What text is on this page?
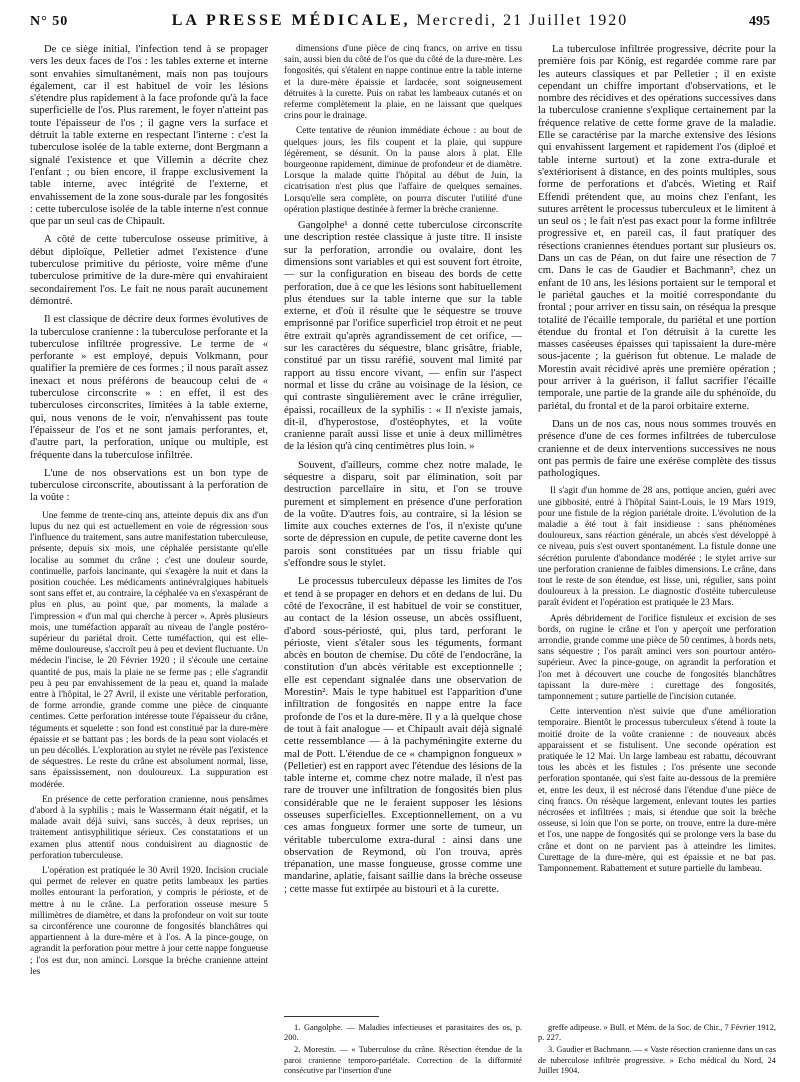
N° 50	LA PRESSE MÉDICALE, Mercredi, 21 Juillet 1920	495

De ce siège initial, l'infection tend à se propager vers les deux faces de l'os : les tables externe et interne sont envahies simultanément, mais non pas toujours également, car il est habituel de voir les lésions s'étendre plus rapidement à la face profonde qu'à la face superficielle de l'os. Plus rarement, le foyer n'atteint pas toute l'épaisseur de l'os ; il gagne vers la surface et détruit la table externe en respectant l'interne : c'est la tuberculose isolée de la table externe, dont Bergmann a signalé l'existence et que Villemin a décrite chez l'enfant ; ou bien encore, il frappe exclusivement la table interne, avec intégrité de l'externe, et envahissement de la zone sous-durale par les fongosités : cette tuberculose isolée de la table interne n'est connue que par un seul cas de Chipault.

A côté de cette tuberculose osseuse primitive, à début diploïque, Pelletier admet l'existence d'une tuberculose primitive du périoste, voire même d'une tuberculose primitive de la dure-mère qui envahiraient secondairement l'os. Le fait ne nous paraît aucunement démontré.

Il est classique de décrire deux formes évolutives de la tuberculose cranienne : la tuberculose perforante et la tuberculose infiltrée progressive. Le terme de « perforante » est employé, depuis Volkmann, pour qualifier la première de ces formes ; il nous paraît assez inexact et nous préférons de beaucoup celui de « tuberculose circonscrite » : en effet, il est des tuberculoses circonscrites, limitées à la table externe, qui, nous venons de le voir, n'envahissent pas toute l'épaisseur de l'os et ne sont jamais perforantes, et, d'autre part, la perforation, unique ou multiple, est fréquente dans la tuberculose infiltrée.

L'une de nos observations est un bon type de tuberculose circonscrite, aboutissant à la perforation de la voûte :

Une femme de trente-cinq ans, atteinte depuis dix ans d'un lupus du nez qui est actuellement en voie de régression sous l'influence du traitement, sans autre manifestation tuberculeuse, présente, depuis six mois, une céphalée persistante qu'elle localise au sommet du crâne ; c'est une douleur sourde, continuelle, parfois lancinante, qui s'exagère la nuit et dans la position couchée. Les médicaments antinévralgiques habituels sont sans effet et, au contraire, la céphalée va en s'exaspérant de plus en plus, au point que, par moments, la malade a l'impression « d'un mal qui cherche à percer ». Après plusieurs mois, une tuméfaction apparaît au niveau de l'angle postéro-supérieur du pariétal droit. Cette tuméfaction, qui est elle-même douloureuse, s'accroît peu à peu et devient fluctuante. Un médecin l'incise, le 20 Février 1920 ; il s'écoule une certaine quantité de pus, mais la plaie ne se ferme pas ; elle s'agrandit peu à peu par envahissement de la peau et, quand la malade entre à l'hôpital, le 27 Avril, il existe une véritable perforation, de forme arrondie, grande comme une pièce de cinquante centimes. Cette perforation intéresse toute l'épaisseur du crâne, téguments et squelette : son fond est constitué par la dure-mère épaissie et se battant pas ; les bords de la peau sont violacés et un peu décollés. L'exploration au stylet ne révèle pas l'existence de séquestres. Le reste du crâne est absolument normal, lisse, sans épaississement, non douloureux. La suppuration est modérée.

En présence de cette perforation cranienne, nous pensâmes d'abord à la syphilis ; mais le Wassermann était négatif, et la malade avait déjà suivi, sans succès, à deux reprises, un traitement antisyphilitique sérieux. Ces constatations et un examen plus attentif nous conduisirent au diagnostic de perforation tuberculeuse.

L'opération est pratiquée le 30 Avril 1920. Incision cruciale qui permet de relever en quatre petits lambeaux les parties molles entourant la perforation, y compris le périoste, et de mettre à nu le crâne. La perforation osseuse mesure 5 millimètres de diamètre, et dans la profondeur on voit sur toute sa circonférence une couronne de fongosités blanchâtres qui appartiennent à la dure-mère et à l'os. A la pince-gouge, on agrandit la perforation pour mettre à jour cette nappe fongueuse ; l'os est dur, non aminci. Lorsque la brèche cranienne atteint les

dimensions d'une pièce de cinq francs, on arrive en tissu sain, aussi bien du côté de l'os que du côté de la dure-mère. Les fongosités, qui s'étalent en nappe continue entre la table interne et la dure-mère épaissie et lardacée, sont soigneusement détruites à la curette. Puis on rabat les lambeaux cutanés et on referme complètement la plaie, en ne laissant que quelques crins pour le drainage.

Cette tentative de réunion immédiate échoue : au bout de quelques jours, les fils coupent et la plaie, qui suppure légèrement, se désunit. On la pause alors à plat. Elle bourgeonne rapidement, diminue de profondeur et de diamètre. Lorsque la malade quitte l'hôpital au début de Juin, la cicatrisation n'est plus que l'affaire de quelques semaines. Lorsqu'elle sera complète, on pourra discuter l'utilité d'une opération plastique destinée à fermer la brèche cranienne.

Gangolphe¹ a donné cette tuberculose circonscrite une description restée classique à juste titre. Il insiste sur la perforation, arrondie ou ovalaire, dont les dimensions sont variables et qui est souvent fort étroite, — sur la configuration en biseau des bords de cette perforation, due à ce que les lésions sont habituellement plus étendues sur la table interne que sur la table externe, et d'où il résulte que le séquestre se trouve emprisonné par l'orifice superficiel trop étroit et ne peut être extrait qu'après agrandissement de cet orifice, — sur les caractères du séquestre, blanc grisâtre, friable, constitué par un tissu raréfié, souvent mal limité par rapport au tissu encore vivant, — enfin sur l'aspect normal et lisse du crâne au voisinage de la lésion, ce qui contraste singulièrement avec le crâne irrégulier, épaissi, rocailleux de la syphilis : « Il n'existe jamais, dit-il, d'hyperostose, d'ostéophytes, et la voûte cranienne paraît aussi lisse et unie à deux millimètres de la lésion qu'à cinq centimètres plus loin. »

Souvent, d'ailleurs, comme chez notre malade, le séquestre a disparu, soit par élimination, soit par destruction parcellaire in situ, et l'on se trouve purement et simplement en présence d'une perforation de la voûte. D'autres fois, au contraire, si la lésion se limite aux couches externes de l'os, il n'existe qu'une sorte de dépression en cupule, de petite caverne dont les parois sont constituées par un tissu friable qui s'effondre sous le stylet.

Le processus tuberculeux dépasse les limites de l'os et tend à se propager en dehors et en dedans de lui. Du côté de l'exocrâne, il est habituel de voir se constituer, au contact de la lésion osseuse, un abcès ossifluent, d'abord sous-périosté, qui, plus tard, perforant le périoste, vient s'étaler sous les téguments, formant abcès en bouton de chemise. Du côté de l'endocrâne, la constitution d'un abcès véritable est exceptionnelle ; elle est cependant signalée dans une observation de Morestin². Mais le type habituel est l'apparition d'une infiltration de fongosités en nappe entre la face profonde de l'os et la dure-mère. Il y a là quelque chose de tout à fait analogue — et Chipault avait déjà signalé cette ressemblance — à la pachyméningite externe du mal de Pott. L'étendue de ce « champignon fongueux » (Pelletier) est en rapport avec l'étendue des lésions de la table interne et, comme chez notre malade, il n'est pas rare de trouver une infiltration de fongosités bien plus considérable que ne le feraient supposer les lésions osseuses superficielles. Exceptionnellement, on a vu ces amas fongueux former une sorte de tumeur, un véritable tuberculome extra-dural : ainsi dans une observation de Reymond, où l'on trouva, après trépanation, une masse fongueuse, grosse comme une mandarine, aplatie, faisant saillie dans la brèche osseuse ; cette masse fut extirpée au bistouri et à la curette.

1. Gangolphe. — Maladies infectieuses et parasitaires des os, p. 200.

2. Morestin. — « Tuberculose du crâne. Résection étendue de la paroi cranienne temporo-pariétale. Correction de la difformité consécutive par l'insertion d'une

La tuberculose infiltrée progressive, décrite pour la première fois par König, est regardée comme rare par les auteurs classiques et par Pelletier ; il en existe cependant un chiffre important d'observations, et le nombre des récidives et des opérations successives dans la tuberculose cranienne s'explique certainement par la fréquence relative de cette forme grave de la maladie. Elle se caractérise par la marche extensive des lésions qui envahissent largement et rapidement l'os (diploé et table interne surtout) et la zone extra-durale et s'extériorisent à distance, en des points multiples, sous forme de perforations et d'abcès. Wieting et Raif Effendi prétendent que, au moins chez l'enfant, les sutures arrêtent le processus tuberculeux et le limitent à un seul os ; le fait n'est pas exact pour la forme infiltrée progressive et, en pareil cas, il faut pratiquer des résections craniennes étendues portant sur plusieurs os. Dans un cas de Péan, on dut faire une résection de 7 cm. Dans le cas de Gaudier et Bachmann³, chez un enfant de 10 ans, les lésions portaient sur le temporal et le pariétal gauches et la moitié correspondante du frontal ; pour arriver en tissu sain, on réséqua la presque totalité de l'écaille temporale, du pariétal et une portion étendue du frontal et l'on détruisit à la curette les masses caséeuses épaisses qui tapissaient la dure-mère sous-jacente ; la guérison fut obtenue. Le malade de Morestin avait récidivé après une première opération ; pour arriver à la guérison, il fallut sacrifier l'écaille temporale, une partie de la grande aile du sphénoïde, du pariétal, du frontal et de la paroi orbitaire externe.

Dans un de nos cas, nous nous sommes trouvés en présence d'une de ces formes infiltrées de tuberculose cranienne et de deux interventions successives ne nous ont pas permis de faire une exérèse complète des tissus pathologiques.

Il s'agit d'un homme de 28 ans, pottique ancien, guéri avec une gibbosité, entré à l'hôpital Saint-Louis, le 19 Mars 1919, pour une fistule de la région pariétale droite. L'évolution de la maladie a été tout à fait insidieuse : sans phénomènes douloureux, sans réaction générale, un abcès s'est développé à ce niveau, puis s'est ouvert spontanément. La fistule donne une sécrétion purulente d'abondance modérée ; le stylet arrive sur une perforation cranienne de faibles dimensions. Le crâne, dans tout le reste de son étendue, est lisse, uni, régulier, sans point douloureux à la pression. Le diagnostic d'ostéite tuberculeuse paraît évident et l'opération est pratiquée le 23 Mars.

Après débridement de l'orifice fistuleux et excision de ses bords, on rugine le crâne et l'on y aperçoit une perforation arrondie, grande comme une pièce de 50 centimes, à bords nets, sans séquestre ; l'os paraît aminci vers son pourtour antéro-supérieur. Avec la pince-gouge, on agrandit la perforation et l'on met à découvert une couche de fongosités blanchâtres tapissant la dure-mère : curettage des fongosités, tamponnement ; suture partielle de l'incision cutanée.

Cette intervention n'est suivie que d'une amélioration temporaire. Bientôt le processus tuberculeux s'étend à toute la moitié droite de la voûte cranienne : de nouveaux abcès apparaissent et se fistulisent. Une seconde opération est pratiquée le 12 Mai. Un large lambeau est rabattu, découvrant tous les abcès et les fistules ; l'os présente une seconde perforation spontanée, qui s'est faite au-dessous de la première et, entre les deux, il est nécrosé dans l'étendue d'une pièce de cinq francs. On résèque largement, enlevant toutes les parties nécrosées et infiltrées ; mais, si étendue que soit la brèche osseuse, si loin que l'on se porte, on trouve, entre la dure-mère et l'os, une nappe de fongosités qui se prolonge vers la base du crâne et dont on ne parvient pas à atteindre les limites. Curettage de la dure-mère, qui est épaissie et ne bat pas. Tamponnement. Rabattement et suture partielle du lambeau.

greffe adipeuse. » Bull. et Mém. de la Soc. de Chir., 7 Février 1912, p. 227.

3. Gaudier et Bachmann. — « Vaste résection cranienne dans un cas de tuberculose infiltrée progressive. » Echo médical du Nord, 24 Juillet 1904.
